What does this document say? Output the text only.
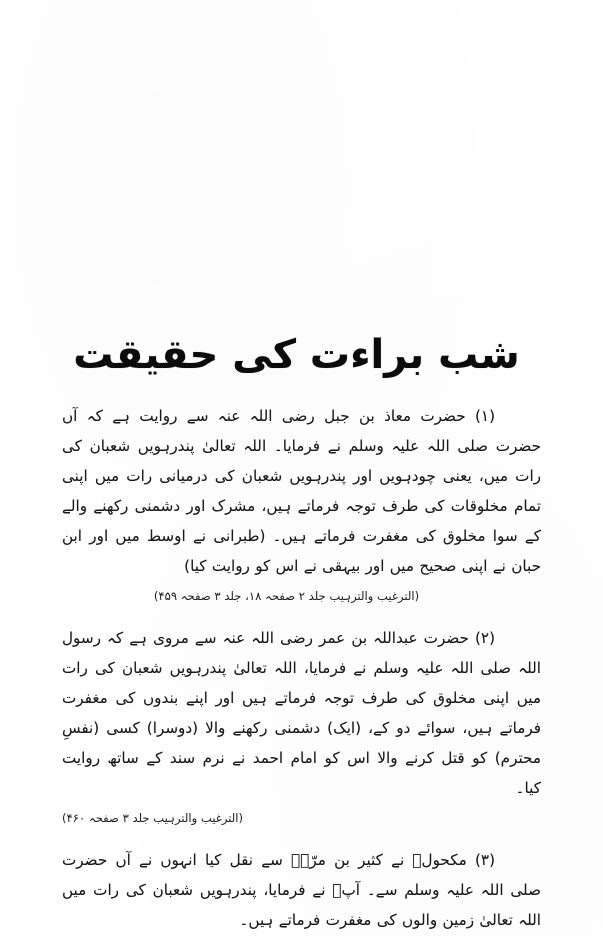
شب براءت کی حقیقت

(۱) حضرت معاذ بن جبل رضی اللہ عنہ سے روایت ہے کہ آں حضرت صلی اللہ علیہ وسلم نے فرمایا۔ اللہ تعالیٰ پندرہویں شعبان کی رات میں، یعنی چودہویں اور پندرہویں شعبان کی درمیانی رات میں اپنی تمام مخلوقات کی طرف توجہ فرماتے ہیں، مشرک اور دشمنی رکھنے والے کے سوا مخلوق کی مغفرت فرماتے ہیں۔ (طبرانی نے اوسط میں اور ابن حبان نے اپنی صحیح میں اور بیہقی نے اس کو روایت کیا)

(الترغیب والترہیب جلد ۲ صفحہ ۱۸، جلد ۳ صفحہ ۴۵۹)

(۲) حضرت عبداللہ بن عمر رضی اللہ عنہ سے مروی ہے کہ رسول اللہ صلی اللہ علیہ وسلم نے فرمایا، اللہ تعالیٰ پندرہویں شعبان کی رات میں اپنی مخلوق کی طرف توجہ فرماتے ہیں اور اپنے بندوں کی مغفرت فرماتے ہیں، سوائے دو کے، (ایک) دشمنی رکھنے والا (دوسرا) کسی (نفسِ محترم) کو قتل کرنے والا اس کو امام احمد نے نرم سند کے ساتھ روایت کیا۔

(الترغیب والترہیب جلد ۳ صفحہ ۴۶۰)

(۳) مکحولؒ نے کثیر بن مرّہؒ سے نقل کیا انہوں نے آں حضرت صلی اللہ علیہ وسلم سے۔ آپؐ نے فرمایا، پندرہویں شعبان کی رات میں اللہ تعالیٰ زمین والوں کی مغفرت فرماتے ہیں۔
